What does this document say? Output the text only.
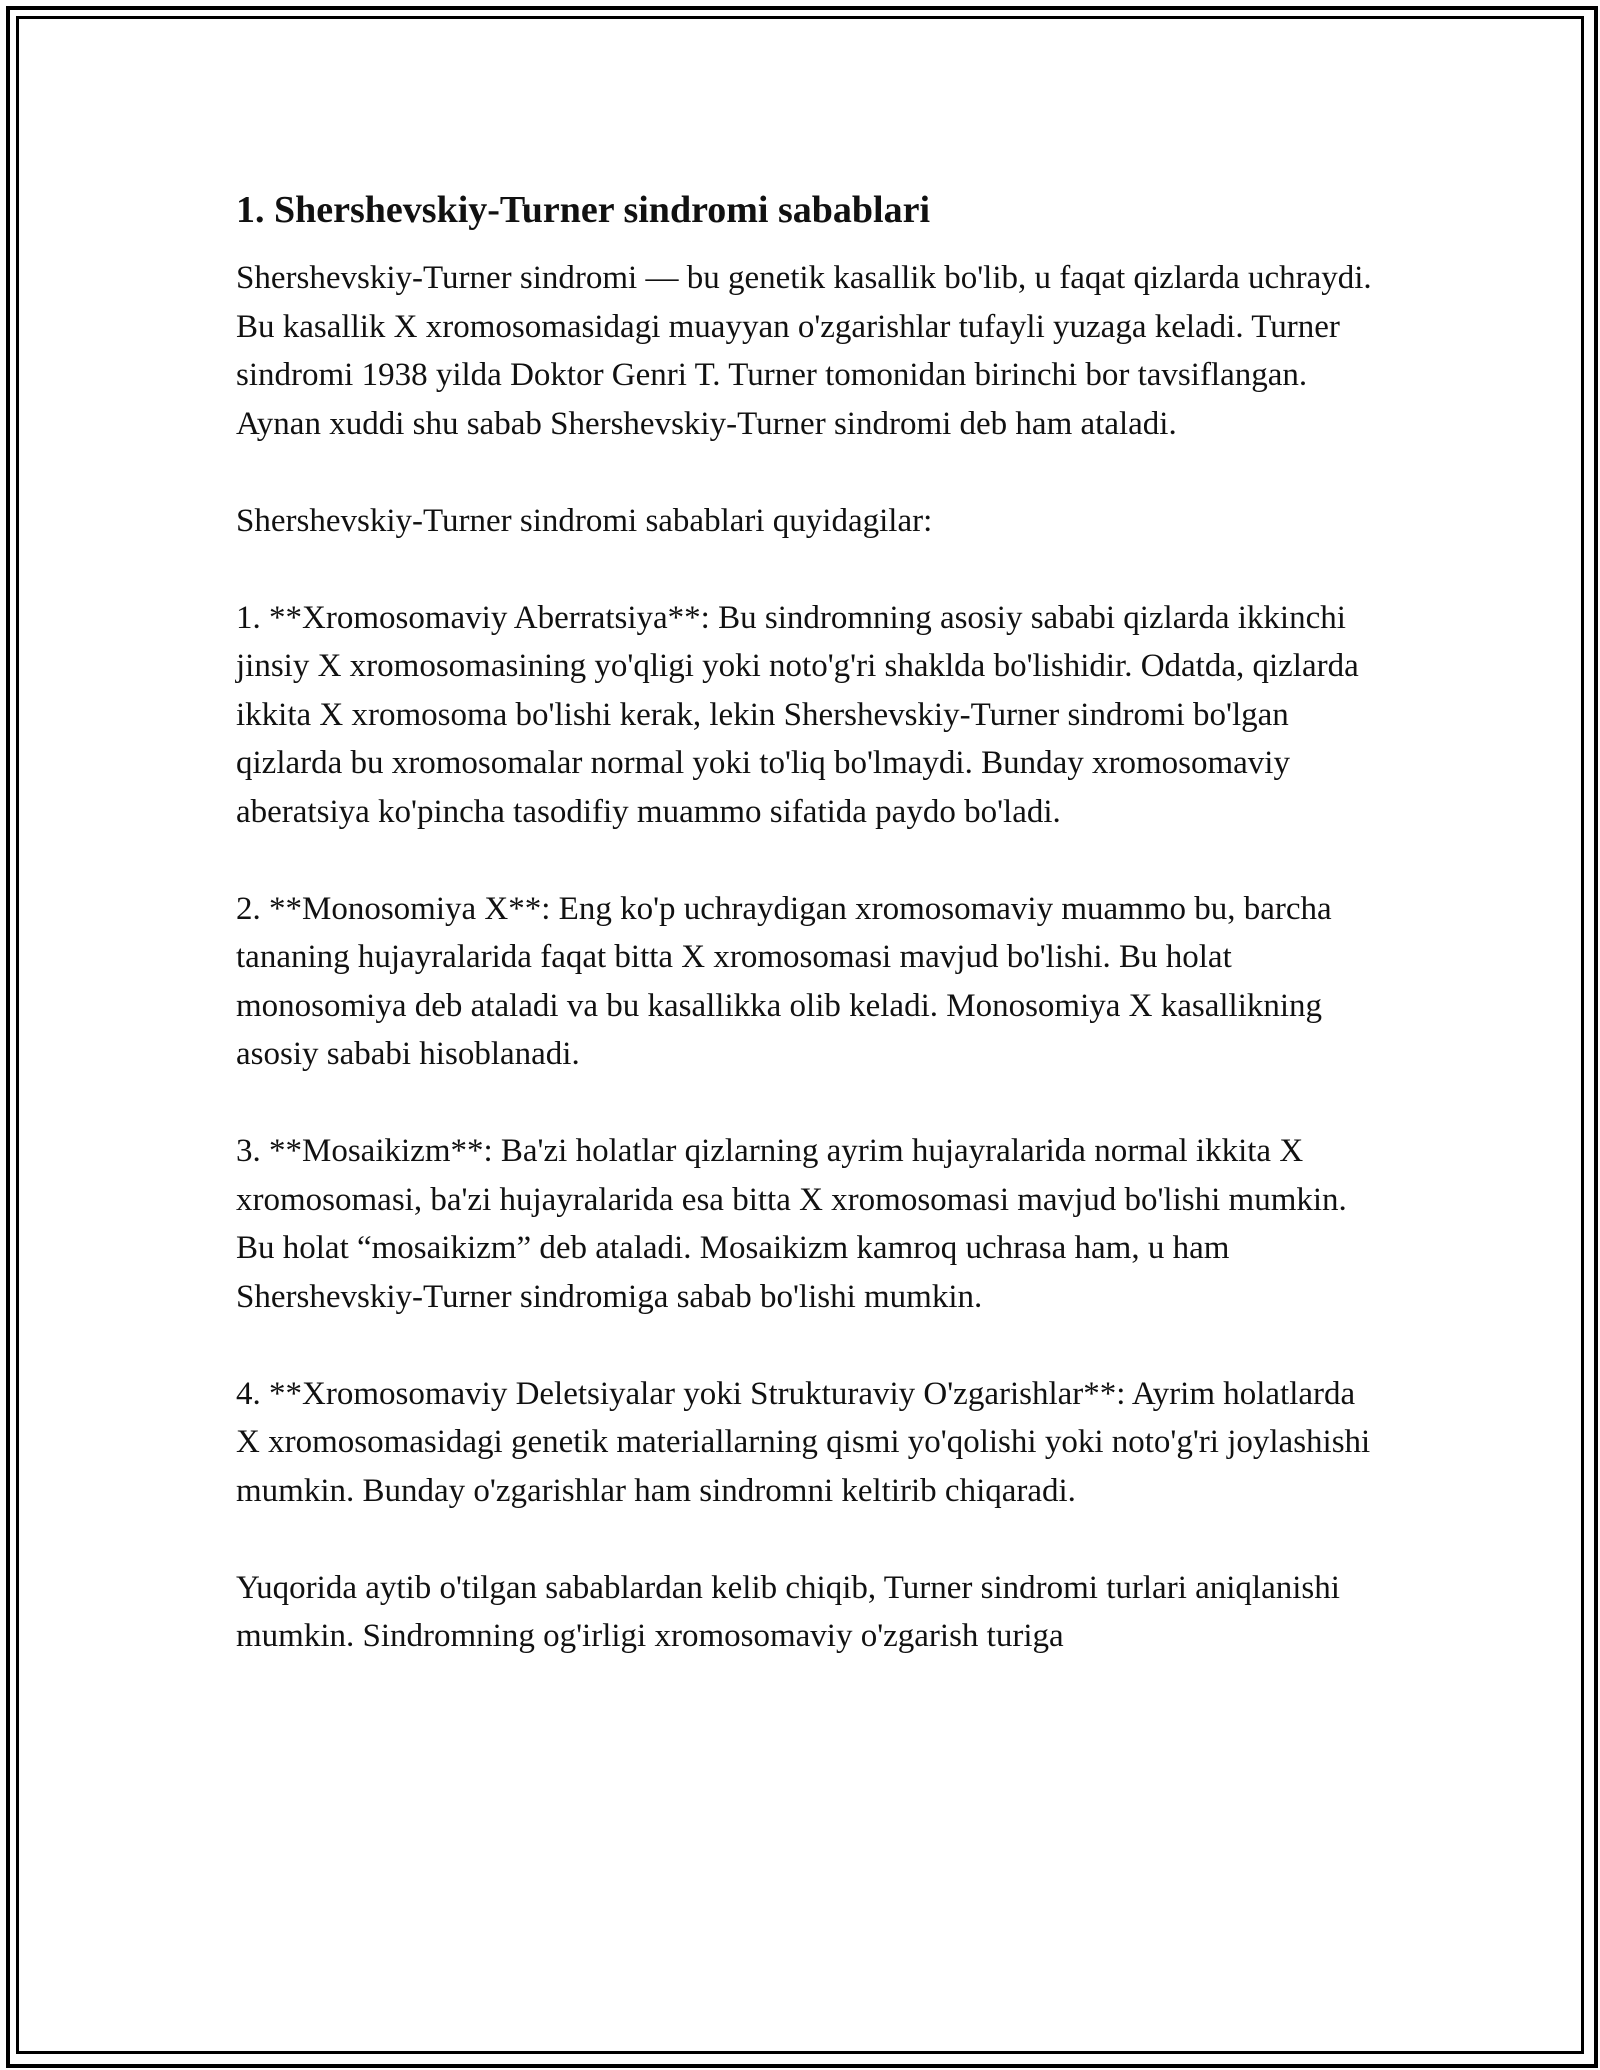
1. Shershevskiy-Turner sindromi sabablari

Shershevskiy-Turner sindromi — bu genetik kasallik bo'lib, u faqat qizlarda uchraydi. Bu kasallik X xromosomasidagi muayyan o'zgarishlar tufayli yuzaga keladi. Turner sindromi 1938 yilda Doktor Genri T. Turner tomonidan birinchi bor tavsiflangan. Aynan xuddi shu sabab Shershevskiy-Turner sindromi deb ham ataladi.

Shershevskiy-Turner sindromi sabablari quyidagilar:

1. **Xromosomaviy Aberratsiya**: Bu sindromning asosiy sababi qizlarda ikkinchi jinsiy X xromosomasining yo'qligi yoki noto'g'ri shaklda bo'lishidir. Odatda, qizlarda ikkita X xromosoma bo'lishi kerak, lekin Shershevskiy-Turner sindromi bo'lgan qizlarda bu xromosomalar normal yoki to'liq bo'lmaydi. Bunday xromosomaviy aberatsiya ko'pincha tasodifiy muammo sifatida paydo bo'ladi.

2. **Monosomiya X**: Eng ko'p uchraydigan xromosomaviy muammo bu, barcha tananing hujayralarida faqat bitta X xromosomasi mavjud bo'lishi. Bu holat monosomiya deb ataladi va bu kasallikka olib keladi. Monosomiya X kasallikning asosiy sababi hisoblanadi.

3. **Mosaikizm**: Ba'zi holatlar qizlarning ayrim hujayralarida normal ikkita X xromosomasi, ba'zi hujayralarida esa bitta X xromosomasi mavjud bo'lishi mumkin. Bu holat “mosaikizm” deb ataladi. Mosaikizm kamroq uchrasa ham, u ham Shershevskiy-Turner sindromiga sabab bo'lishi mumkin.

4. **Xromosomaviy Deletsiyalar yoki Strukturaviy O'zgarishlar**: Ayrim holatlarda X xromosomasidagi genetik materiallarning qismi yo'qolishi yoki noto'g'ri joylashishi mumkin. Bunday o'zgarishlar ham sindromni keltirib chiqaradi.

Yuqorida aytib o'tilgan sabablardan kelib chiqib, Turner sindromi turlari aniqlanishi mumkin. Sindromning og'irligi xromosomaviy o'zgarish turiga
